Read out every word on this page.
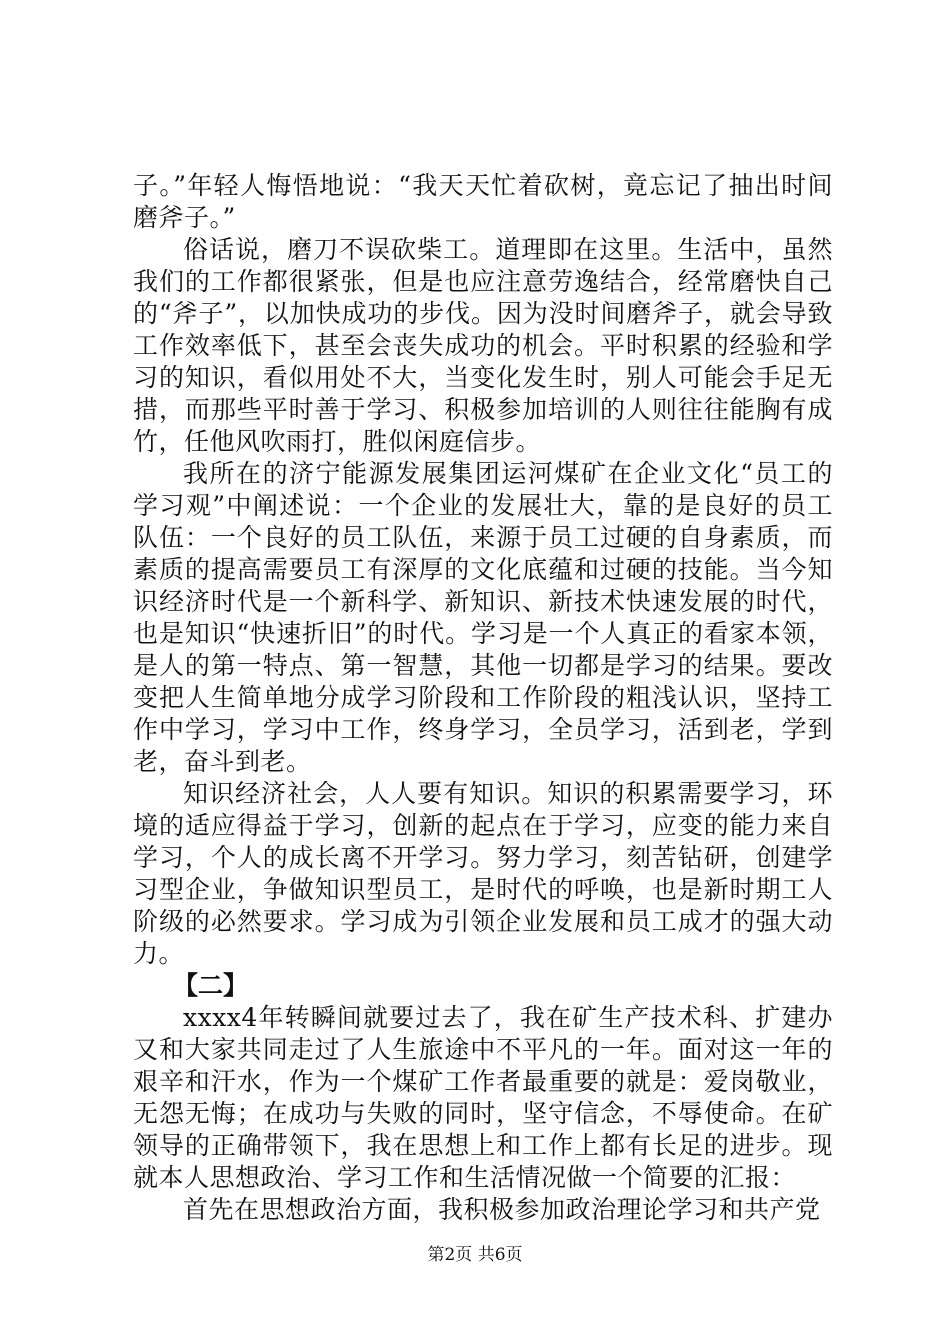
子。”年轻人悔悟地说：“我天天忙着砍树，竟忘记了抽出时间磨斧子。”

俗话说，磨刀不误砍柴工。道理即在这里。生活中，虽然我们的工作都很紧张，但是也应注意劳逸结合，经常磨快自己的“斧子”，以加快成功的步伐。因为没时间磨斧子，就会导致工作效率低下，甚至会丧失成功的机会。平时积累的经验和学习的知识，看似用处不大，当变化发生时，别人可能会手足无措，而那些平时善于学习、积极参加培训的人则往往能胸有成竹，任他风吹雨打，胜似闲庭信步。

我所在的济宁能源发展集团运河煤矿在企业文化“员工的学习观”中阐述说：一个企业的发展壮大，靠的是良好的员工队伍：一个良好的员工队伍，来源于员工过硬的自身素质，而素质的提高需要员工有深厚的文化底蕴和过硬的技能。当今知识经济时代是一个新科学、新知识、新技术快速发展的时代，也是知识“快速折旧”的时代。学习是一个人真正的看家本领，是人的第一特点、第一智慧，其他一切都是学习的结果。要改变把人生简单地分成学习阶段和工作阶段的粗浅认识，坚持工作中学习，学习中工作，终身学习，全员学习，活到老，学到老，奋斗到老。

知识经济社会，人人要有知识。知识的积累需要学习，环境的适应得益于学习，创新的起点在于学习，应变的能力来自学习，个人的成长离不开学习。努力学习，刻苦钻研，创建学习型企业，争做知识型员工，是时代的呼唤，也是新时期工人阶级的必然要求。学习成为引领企业发展和员工成才的强大动力。

【二】

xxxx4年转瞬间就要过去了，我在矿生产技术科、扩建办又和大家共同走过了人生旅途中不平凡的一年。面对这一年的艰辛和汗水，作为一个煤矿工作者最重要的就是：爱岗敬业，无怨无悔；在成功与失败的同时，坚守信念，不辱使命。在矿领导的正确带领下，我在思想上和工作上都有长足的进步。现就本人思想政治、学习工作和生活情况做一个简要的汇报：

首先在思想政治方面，我积极参加政治理论学习和共产党

第2页 共6页
